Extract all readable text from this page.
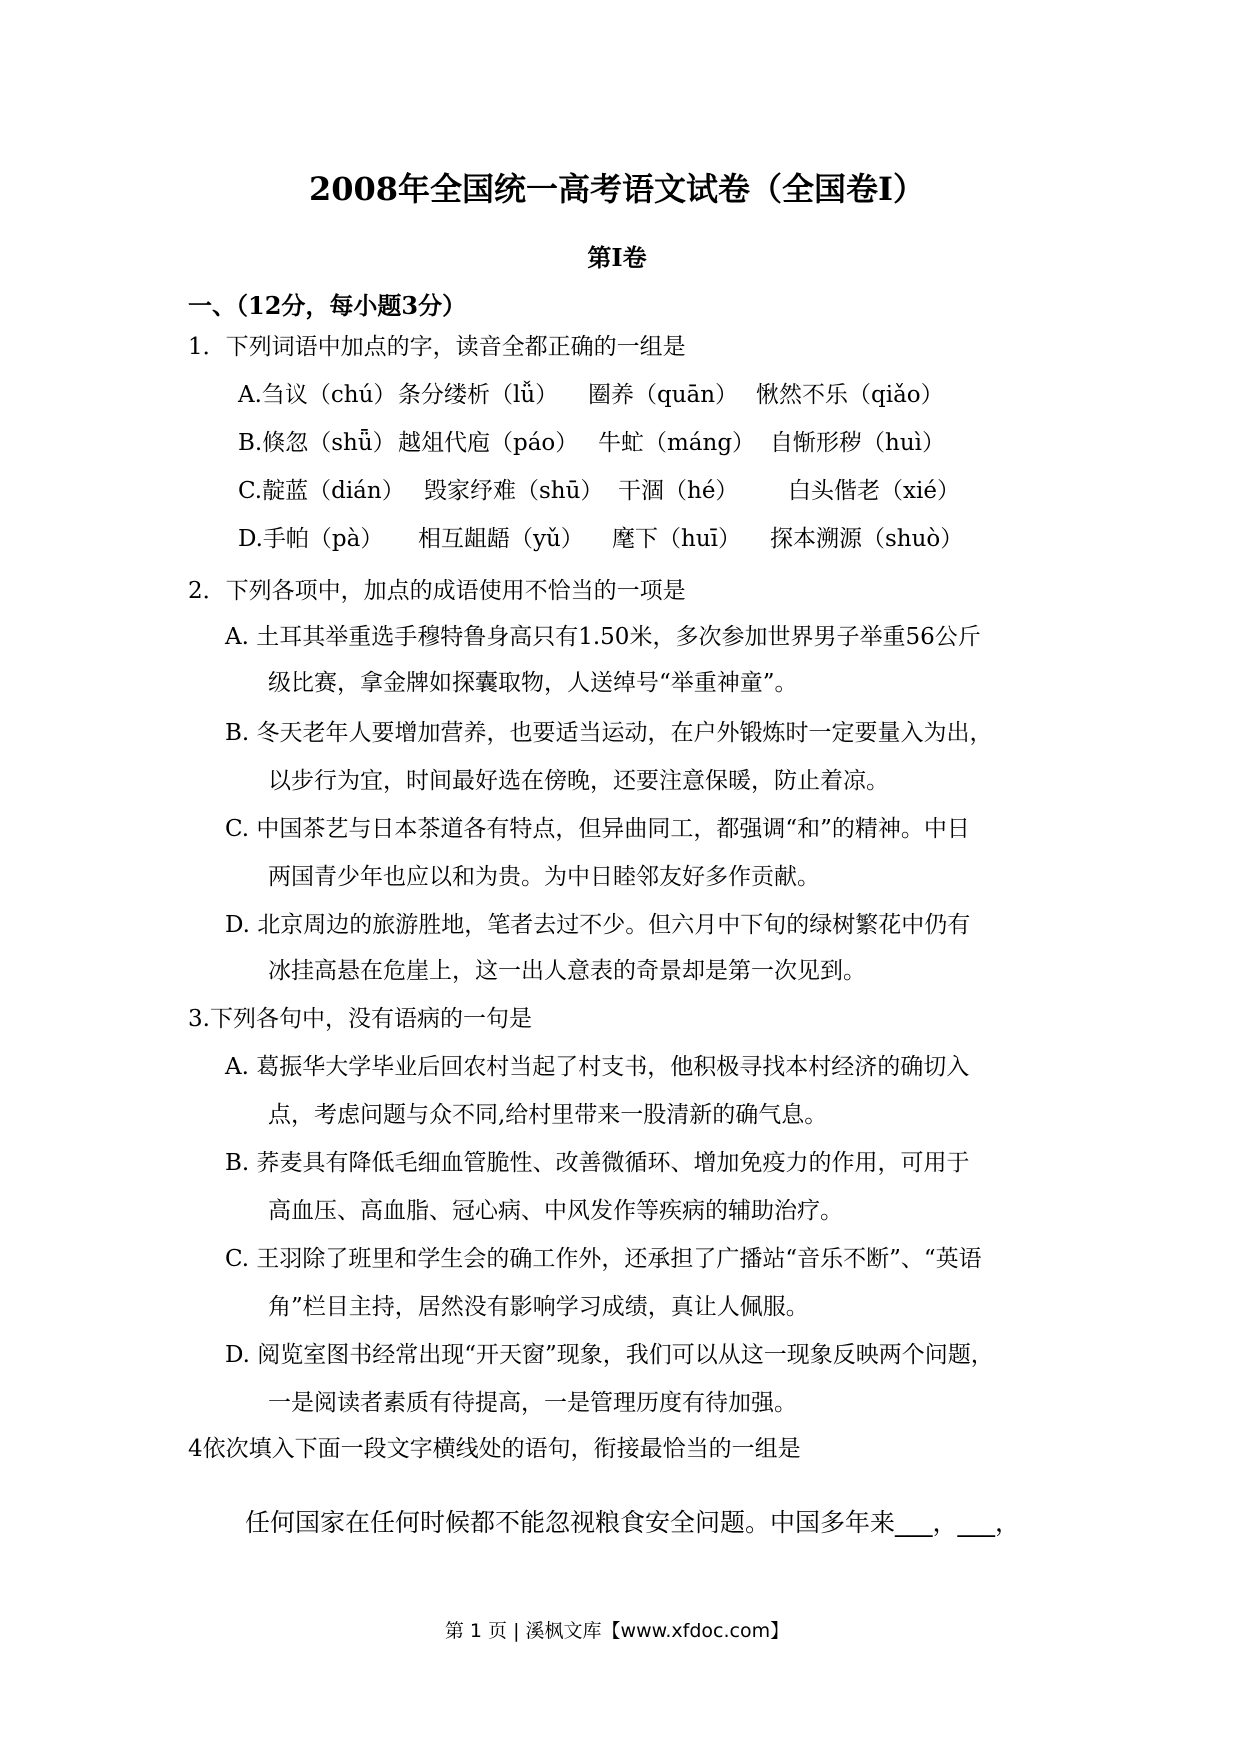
2008年全国统一高考语文试卷（全国卷Ⅰ）
第Ⅰ卷
一、（12分，每小题3分）
1．下列词语中加点的字，读音全都正确的一组是
A.刍议（chú）条分缕析（lǚ） 圈养（quān） 愀然不乐（qiǎo）
B.倏忽（shǖ） 越俎代庖（páo） 牛虻（máng） 自惭形秽（huì）
C.靛蓝（dián） 毁家纾难（shū） 干涸（hé） 白头偕老（xié）
D.手帕（pà） 相互龃龉（yǔ） 麾下（huī） 探本溯源（shuò）
2．下列各项中，加点的成语使用不恰当的一项是
A. 土耳其举重选手穆特鲁身高只有1.50米，多次参加世界男子举重56公斤
级比赛，拿金牌如探囊取物，人送绰号“举重神童”。
B. 冬天老年人要增加营养，也要适当运动，在户外锻炼时一定要量入为出，
以步行为宜，时间最好选在傍晚，还要注意保暖，防止着凉。
C. 中国茶艺与日本茶道各有特点，但异曲同工，都强调“和”的精神。中日
两国青少年也应以和为贵。为中日睦邻友好多作贡献。
D. 北京周边的旅游胜地，笔者去过不少。但六月中下旬的绿树繁花中仍有
冰挂高悬在危崖上，这一出人意表的奇景却是第一次见到。
3.下列各句中，没有语病的一句是
A. 葛振华大学毕业后回农村当起了村支书，他积极寻找本村经济的确切入
点，考虑问题与众不同,给村里带来一股清新的确气息。
B. 荞麦具有降低毛细血管脆性、改善微循环、增加免疫力的作用，可用于
高血压、高血脂、冠心病、中风发作等疾病的辅助治疗。
C. 王羽除了班里和学生会的确工作外，还承担了广播站“音乐不断”、“英语
角”栏目主持，居然没有影响学习成绩，真让人佩服。
D. 阅览室图书经常出现“开天窗”现象，我们可以从这一现象反映两个问题，
一是阅读者素质有待提高，一是管理历度有待加强。
4依次填入下面一段文字横线处的语句，衔接最恰当的一组是
任何国家在任何时候都不能忽视粮食安全问题。中国多年来___，___，
第 1 页 | 溪枫文库【www.xfdoc.com】
